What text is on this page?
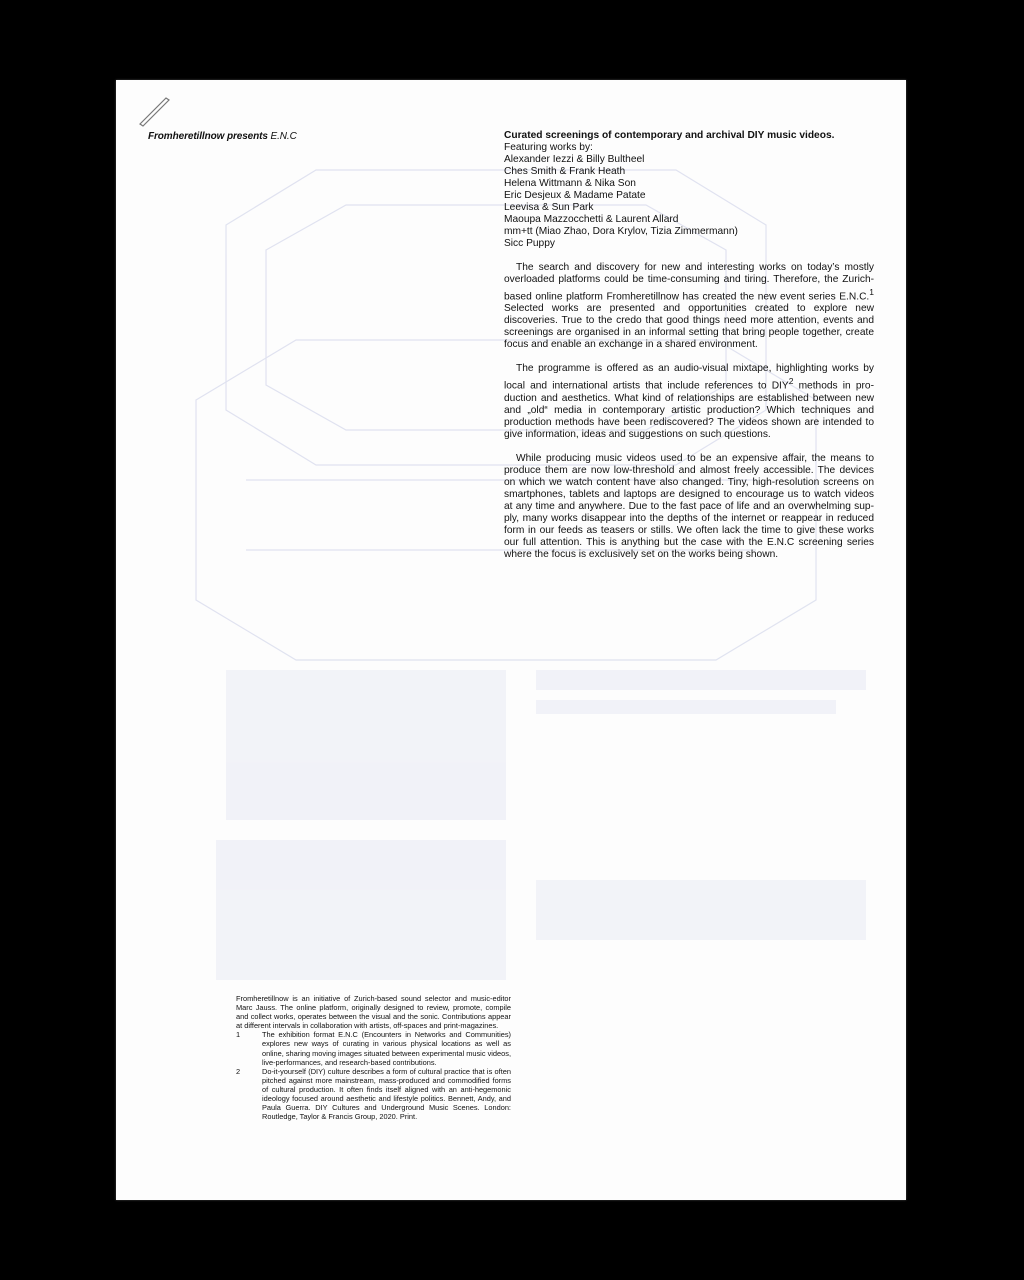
Fromheretillnow presents E.N.C	Curated screenings of contemporary and archival DIY music videos.

Featuring works by:

Alexander Iezzi & Billy Bultheel
Ches Smith & Frank Heath
Helena Wittmann & Nika Son
Eric Desjeux & Madame Patate
Leevisa & Sun Park
Maoupa Mazzocchetti & Laurent Allard
mm+tt (Miao Zhao, Dora Krylov, Tizia Zimmermann)
Sicc Puppy

The search and discovery for new and interesting works on today’s mostly overloaded platforms could be time-consuming and tiring. Therefore, the Zurich-based online platform Fromheretillnow has created the new event series E.N.C.$^1$ Selected works are presented and opportunities created to explore new discoveries. True to the credo that good things need more attention, events and screenings are organised in an informal setting that bring people together, create focus and enable an exchange in a shared environment.

The programme is offered as an audio-visual mixtape, highlighting works by local and international artists that include references to DIY$^2$ methods in production and aesthetics. What kind of relationships are established between new and „old“ media in contemporary artistic production? Which techniques and production methods have been rediscovered? The videos shown are intended to give information, ideas and suggestions on such questions.

While producing music videos used to be an expensive affair, the means to produce them are now low-threshold and almost freely accessible. The devices on which we watch content have also changed. Tiny, high-resolution screens on smartphones, tablets and laptops are designed to encourage us to watch videos at any time and anywhere. Due to the fast pace of life and an overwhelming supply, many works disappear into the depths of the internet or reappear in reduced form in our feeds as teasers or stills. We often lack the time to give these works our full attention. This is anything but the case with the E.N.C screening series where the focus is exclusively set on the works being shown.

Fromheretillnow is an initiative of Zurich-based sound selector and music-editor Marc Jauss. The online platform, originally designed to review, promote, compile and collect works, operates between the visual and the sonic. Contributions appear at different intervals in collaboration with artists, off-spaces and print-magazines.

1	The exhibition format E.N.C (Encounters in Networks and Communities) explores new ways of curating in various physical locations as well as online, sharing moving images situated between experimental music videos, live-performances, and research-based contributions.
2	Do-it-yourself (DIY) culture describes a form of cultural practice that is often pitched against more mainstream, mass-produced and commodified forms of cultural production. It often finds itself aligned with an anti-hegemonic ideology focused around aesthetic and lifestyle politics. Bennett, Andy, and Paula Guerra. DIY Cultures and Underground Music Scenes. London: Routledge, Taylor & Francis Group, 2020. Print.
